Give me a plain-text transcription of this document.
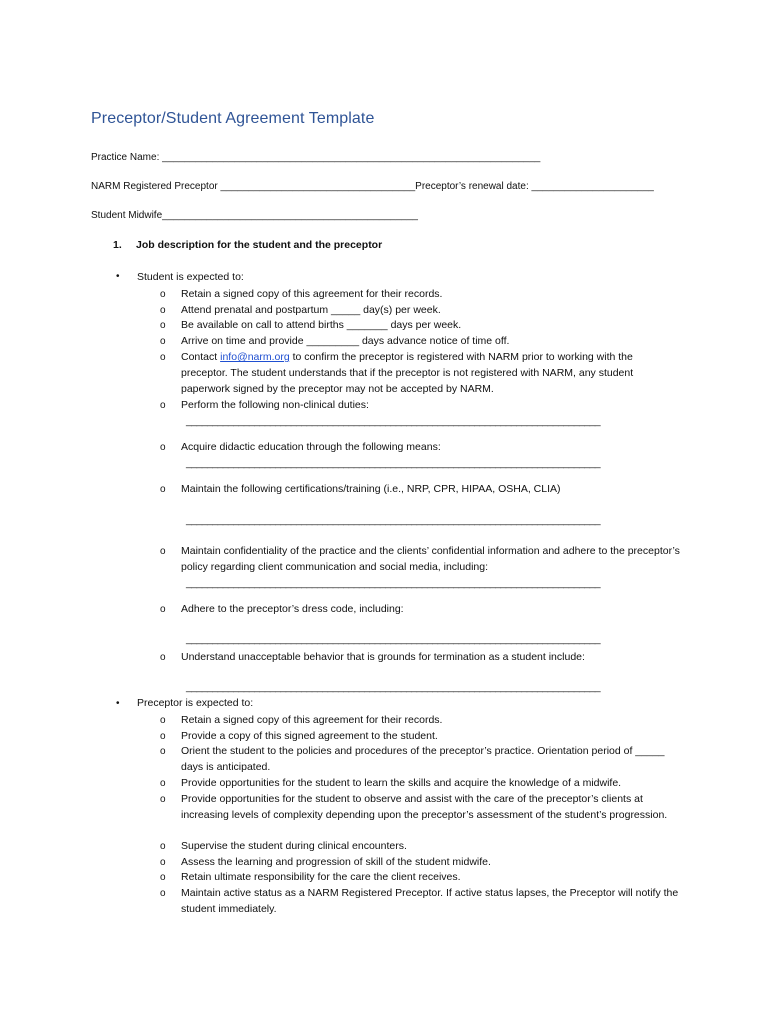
Preceptor/Student Agreement Template
Practice Name: ____________________________________________________________________
NARM Registered Preceptor ___________________________________Preceptor’s renewal date: ______________________
Student Midwife______________________________________________
1. Job description for the student and the preceptor
• Student is expected to:
o	Retain a signed copy of this agreement for their records.
o	Attend prenatal and postpartum _____ day(s) per week.
o	Be available on call to attend births _______ days per week.
o	Arrive on time and provide _________ days advance notice of time off.
o	Contact info@narm.org to confirm the preceptor is registered with NARM prior to working with the preceptor. The student understands that if the preceptor is not registered with NARM, any student paperwork signed by the preceptor may not be accepted by NARM.
o	Perform the following non-clinical duties:
_______________________________________________________________________________
o	Acquire didactic education through the following means:
_______________________________________________________________________________
o	Maintain the following certifications/training (i.e., NRP, CPR, HIPAA, OSHA, CLIA)
_______________________________________________________________________________
o	Maintain confidentiality of the practice and the clients’ confidential information and adhere to the preceptor’s policy regarding client communication and social media, including:
_______________________________________________________________________________
o	Adhere to the preceptor’s dress code, including:
_______________________________________________________________________________
o	Understand unacceptable behavior that is grounds for termination as a student include:
_______________________________________________________________________________
• Preceptor is expected to:
o	Retain a signed copy of this agreement for their records.
o	Provide a copy of this signed agreement to the student.
o	Orient the student to the policies and procedures of the preceptor’s practice. Orientation period of _____ days is anticipated.
o	Provide opportunities for the student to learn the skills and acquire the knowledge of a midwife.
o	Provide opportunities for the student to observe and assist with the care of the preceptor’s clients at increasing levels of complexity depending upon the preceptor’s assessment of the student’s progression.
o	Supervise the student during clinical encounters.
o	Assess the learning and progression of skill of the student midwife.
o	Retain ultimate responsibility for the care the client receives.
o	Maintain active status as a NARM Registered Preceptor. If active status lapses, the Preceptor will notify the student immediately.
